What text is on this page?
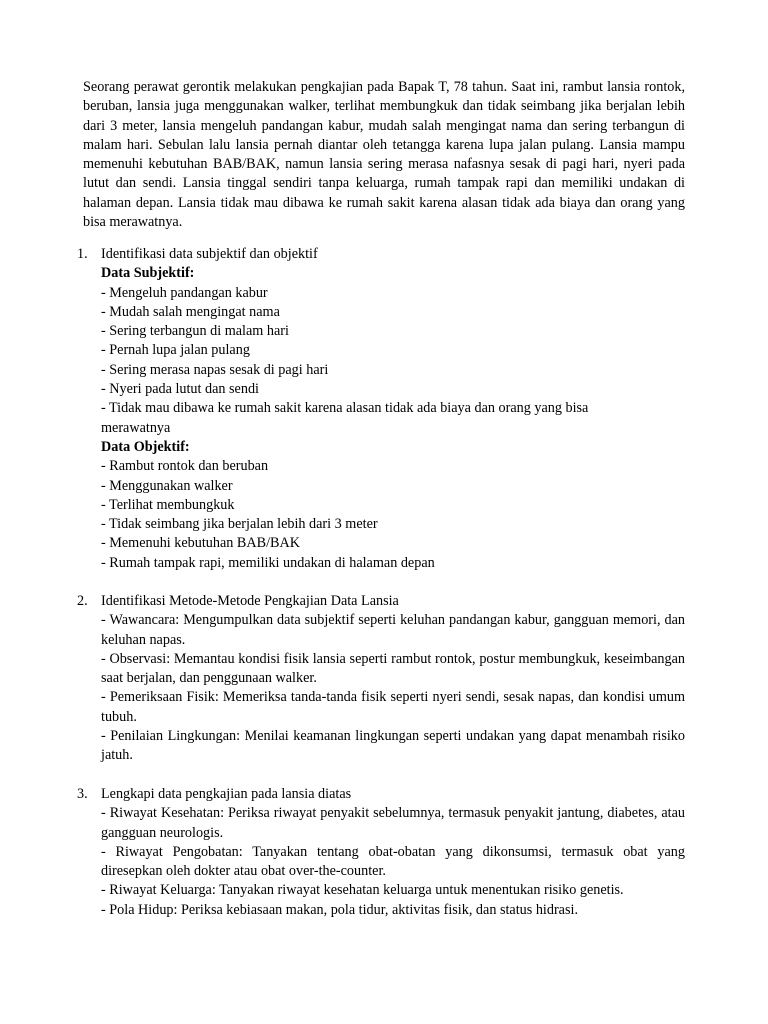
Seorang perawat gerontik melakukan pengkajian pada Bapak T, 78 tahun. Saat ini, rambut lansia rontok, beruban, lansia juga menggunakan walker, terlihat membungkuk dan tidak seimbang jika berjalan lebih dari 3 meter, lansia mengeluh pandangan kabur, mudah salah mengingat nama dan sering terbangun di malam hari. Sebulan lalu lansia pernah diantar oleh tetangga karena lupa jalan pulang. Lansia mampu memenuhi kebutuhan BAB/BAK, namun lansia sering merasa nafasnya sesak di pagi hari, nyeri pada lutut dan sendi. Lansia tinggal sendiri tanpa keluarga, rumah tampak rapi dan memiliki undakan di halaman depan. Lansia tidak mau dibawa ke rumah sakit karena alasan tidak ada biaya dan orang yang bisa merawatnya.

1. Identifikasi data subjektif dan objektif
Data Subjektif:
- Mengeluh pandangan kabur
- Mudah salah mengingat nama
- Sering terbangun di malam hari
- Pernah lupa jalan pulang
- Sering merasa napas sesak di pagi hari
- Nyeri pada lutut dan sendi
- Tidak mau dibawa ke rumah sakit karena alasan tidak ada biaya dan orang yang bisa merawatnya
Data Objektif:
- Rambut rontok dan beruban
- Menggunakan walker
- Terlihat membungkuk
- Tidak seimbang jika berjalan lebih dari 3 meter
- Memenuhi kebutuhan BAB/BAK
- Rumah tampak rapi, memiliki undakan di halaman depan
2. Identifikasi Metode-Metode Pengkajian Data Lansia
- Wawancara: Mengumpulkan data subjektif seperti keluhan pandangan kabur, gangguan memori, dan keluhan napas.
- Observasi: Memantau kondisi fisik lansia seperti rambut rontok, postur membungkuk, keseimbangan saat berjalan, dan penggunaan walker.
- Pemeriksaan Fisik: Memeriksa tanda-tanda fisik seperti nyeri sendi, sesak napas, dan kondisi umum tubuh.
- Penilaian Lingkungan: Menilai keamanan lingkungan seperti undakan yang dapat menambah risiko jatuh.
3. Lengkapi data pengkajian pada lansia diatas
- Riwayat Kesehatan: Periksa riwayat penyakit sebelumnya, termasuk penyakit jantung, diabetes, atau gangguan neurologis.
- Riwayat Pengobatan: Tanyakan tentang obat-obatan yang dikonsumsi, termasuk obat yang diresepkan oleh dokter atau obat over-the-counter.
- Riwayat Keluarga: Tanyakan riwayat kesehatan keluarga untuk menentukan risiko genetis.
- Pola Hidup: Periksa kebiasaan makan, pola tidur, aktivitas fisik, dan status hidrasi.
